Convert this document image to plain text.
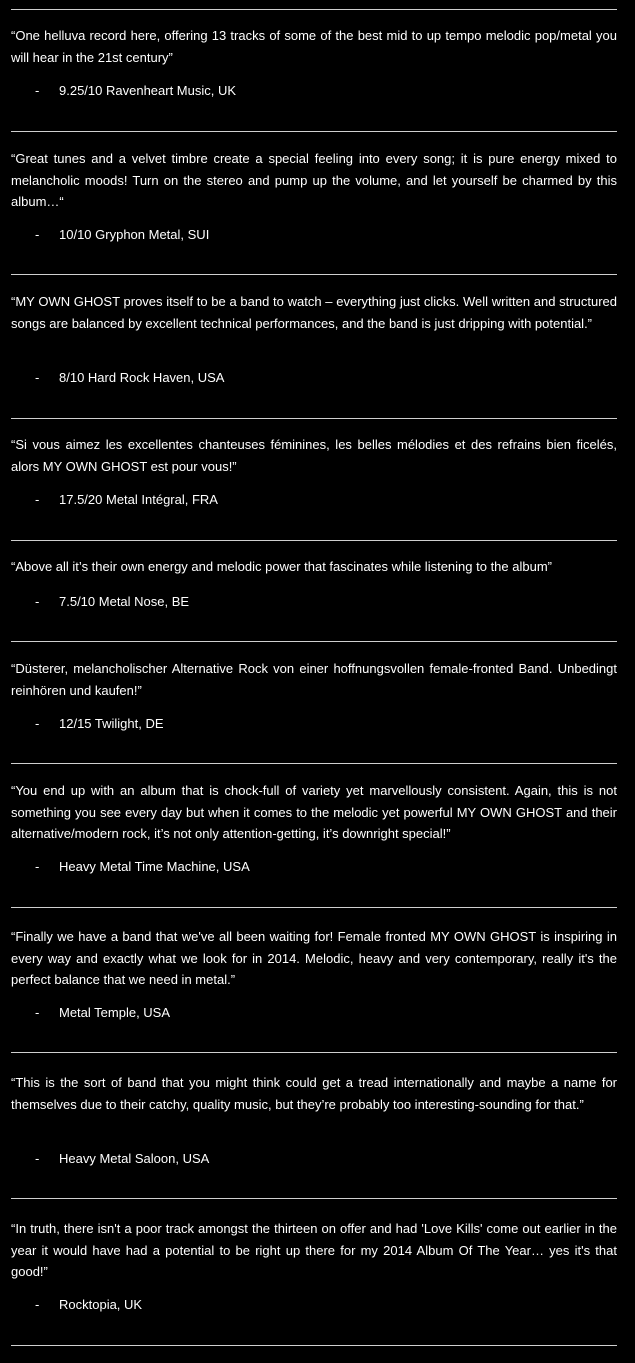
“One helluva record here, offering 13 tracks of some of the best mid to up tempo melodic pop/metal you will hear in the 21st century”

- 9.25/10 Ravenheart Music, UK

“Great tunes and a velvet timbre create a special feeling into every song; it is pure energy mixed to melancholic moods! Turn on the stereo and pump up the volume, and let yourself be charmed by this album…“

- 10/10 Gryphon Metal, SUI

“MY OWN GHOST proves itself to be a band to watch – everything just clicks. Well written and structured songs are balanced by excellent technical performances, and the band is just dripping with potential.”

- 8/10 Hard Rock Haven, USA

“Si vous aimez les excellentes chanteuses féminines, les belles mélodies et des refrains bien ficelés, alors MY OWN GHOST est pour vous!”

- 17.5/20 Metal Intégral, FRA

“Above all it’s their own energy and melodic power that fascinates while listening to the album”

- 7.5/10 Metal Nose, BE

“Düsterer, melancholischer Alternative Rock von einer hoffnungsvollen female-fronted Band. Unbedingt reinhören und kaufen!”

- 12/15 Twilight, DE

“You end up with an album that is chock-full of variety yet marvellously consistent. Again, this is not something you see every day but when it comes to the melodic yet powerful MY OWN GHOST and their alternative/modern rock, it’s not only attention-getting, it’s downright special!”

- Heavy Metal Time Machine, USA

“Finally we have a band that we've all been waiting for! Female fronted MY OWN GHOST is inspiring in every way and exactly what we look for in 2014. Melodic, heavy and very contemporary, really it's the perfect balance that we need in metal.”

- Metal Temple, USA

“This is the sort of band that you might think could get a tread internationally and maybe a name for themselves due to their catchy, quality music, but they’re probably too interesting-sounding for that.”

- Heavy Metal Saloon, USA

“In truth, there isn't a poor track amongst the thirteen on offer and had 'Love Kills' come out earlier in the year it would have had a potential to be right up there for my 2014 Album Of The Year… yes it's that good!”

- Rocktopia, UK
